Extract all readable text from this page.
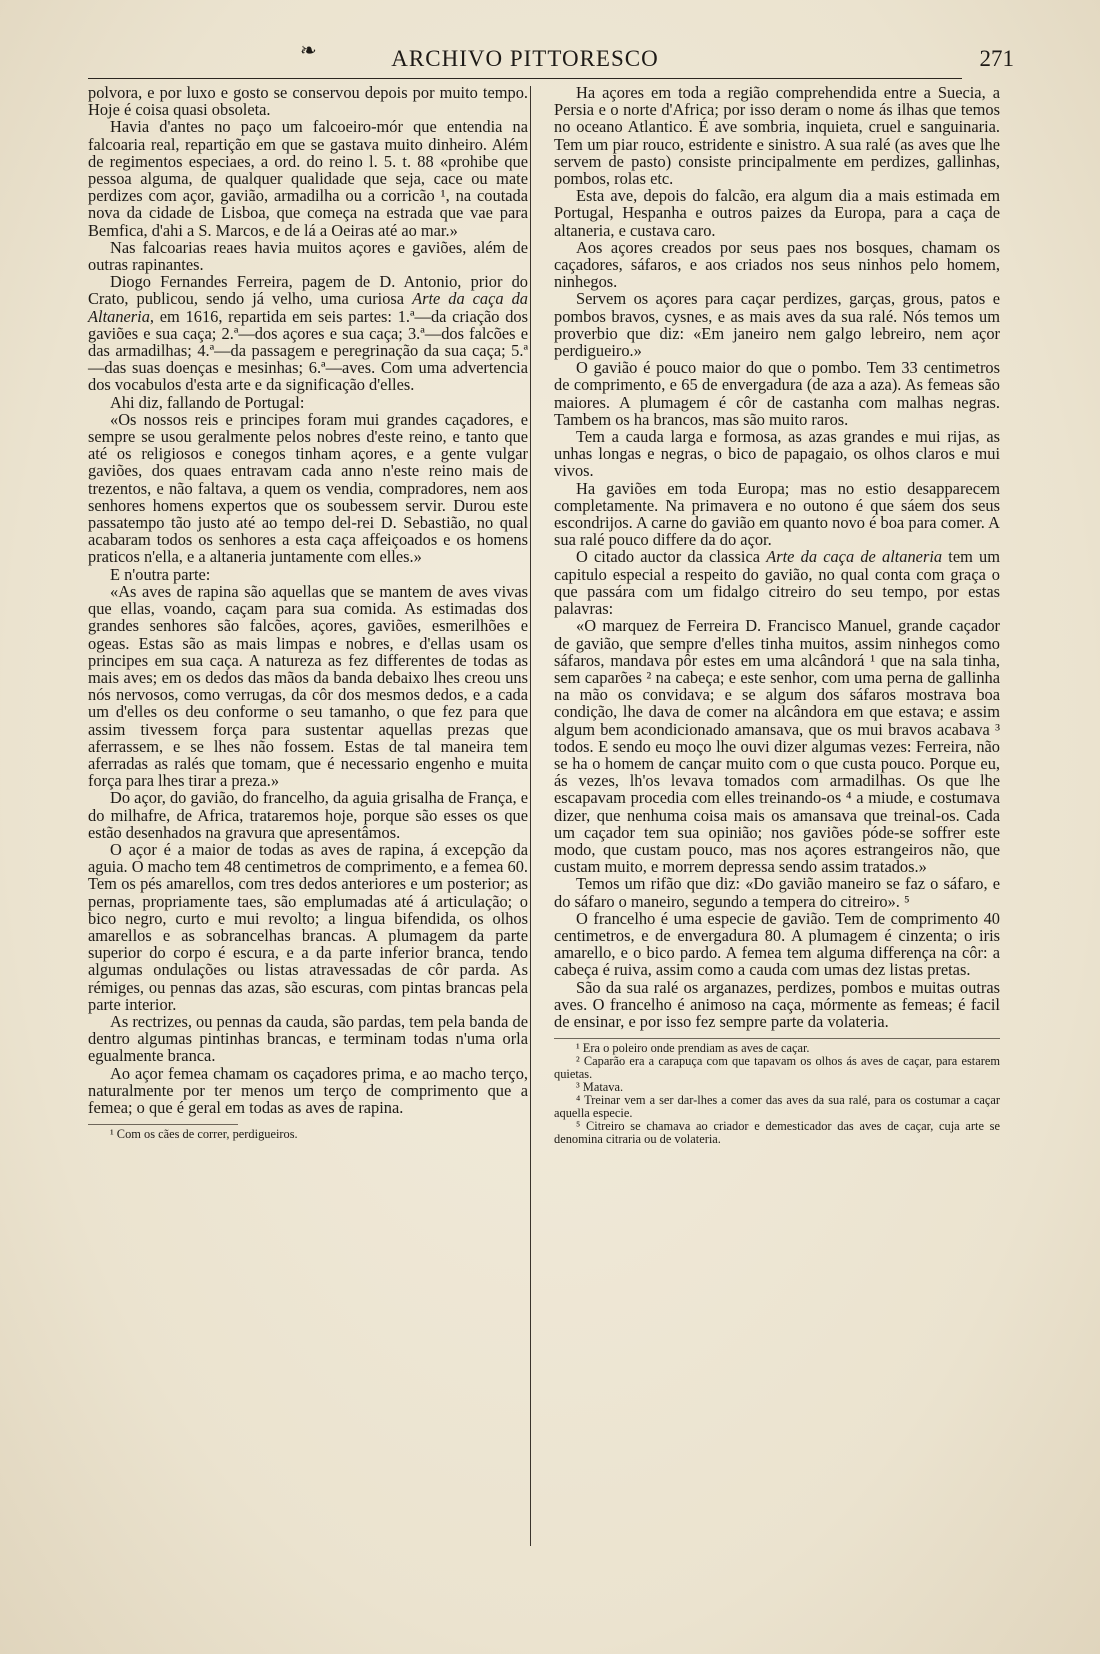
❧	ARCHIVO PITTORESCO	271

polvora, e por luxo e gosto se conservou depois por muito tempo. Hoje é coisa quasi obsoleta.

Havia d'antes no paço um falcoeiro-mór que entendia na falcoaria real, repartição em que se gastava muito dinheiro. Além de regimentos especiaes, a ord. do reino l. 5. t. 88 «prohibe que pessoa alguma, de qualquer qualidade que seja, cace ou mate perdizes com açor, gavião, armadilha ou a corricão ¹, na coutada nova da cidade de Lisboa, que começa na estrada que vae para Bemfica, d'ahi a S. Marcos, e de lá a Oeiras até ao mar.»

Nas falcoarias reaes havia muitos açores e gaviões, além de outras rapinantes.

Diogo Fernandes Ferreira, pagem de D. Antonio, prior do Crato, publicou, sendo já velho, uma curiosa Arte da caça da Altaneria, em 1616, repartida em seis partes: 1.ª—da criação dos gaviões e sua caça; 2.ª—dos açores e sua caça; 3.ª—dos falcões e das armadilhas; 4.ª—da passagem e peregrinação da sua caça; 5.ª—das suas doenças e mesinhas; 6.ª—aves. Com uma advertencia dos vocabulos d'esta arte e da significação d'elles.

Ahi diz, fallando de Portugal:

«Os nossos reis e principes foram mui grandes caçadores, e sempre se usou geralmente pelos nobres d'este reino, e tanto que até os religiosos e conegos tinham açores, e a gente vulgar gaviões, dos quaes entravam cada anno n'este reino mais de trezentos, e não faltava, a quem os vendia, compradores, nem aos senhores homens expertos que os soubessem servir. Durou este passatempo tão justo até ao tempo del-rei D. Sebastião, no qual acabaram todos os senhores a esta caça affeiçoados e os homens praticos n'ella, e a altaneria juntamente com elles.»

E n'outra parte:

«As aves de rapina são aquellas que se mantem de aves vivas que ellas, voando, caçam para sua comida. As estimadas dos grandes senhores são falcões, açores, gaviões, esmerilhões e ogeas. Estas são as mais limpas e nobres, e d'ellas usam os principes em sua caça. A natureza as fez differentes de todas as mais aves; em os dedos das mãos da banda debaixo lhes creou uns nós nervosos, como verrugas, da côr dos mesmos dedos, e a cada um d'elles os deu conforme o seu tamanho, o que fez para que assim tivessem força para sustentar aquellas prezas que aferrassem, e se lhes não fossem. Estas de tal maneira tem aferradas as ralés que tomam, que é necessario engenho e muita força para lhes tirar a preza.»

Do açor, do gavião, do francelho, da aguia grisalha de França, e do milhafre, de Africa, trataremos hoje, porque são esses os que estão desenhados na gravura que apresentâmos.

O açor é a maior de todas as aves de rapina, á excepção da aguia. O macho tem 48 centimetros de comprimento, e a femea 60. Tem os pés amarellos, com tres dedos anteriores e um posterior; as pernas, propriamente taes, são emplumadas até á articulação; o bico negro, curto e mui revolto; a lingua bifendida, os olhos amarellos e as sobrancelhas brancas. A plumagem da parte superior do corpo é escura, e a da parte inferior branca, tendo algumas ondulações ou listas atravessadas de côr parda. As rémiges, ou pennas das azas, são escuras, com pintas brancas pela parte interior.

As rectrizes, ou pennas da cauda, são pardas, tem pela banda de dentro algumas pintinhas brancas, e terminam todas n'uma orla egualmente branca.

Ao açor femea chamam os caçadores prima, e ao macho terço, naturalmente por ter menos um terço de comprimento que a femea; o que é geral em todas as aves de rapina.

¹ Com os cães de correr, perdigueiros.

Ha açores em toda a região comprehendida entre a Suecia, a Persia e o norte d'Africa; por isso deram o nome ás ilhas que temos no oceano Atlantico. É ave sombria, inquieta, cruel e sanguinaria. Tem um piar rouco, estridente e sinistro. A sua ralé (as aves que lhe servem de pasto) consiste principalmente em perdizes, gallinhas, pombos, rolas etc.

Esta ave, depois do falcão, era algum dia a mais estimada em Portugal, Hespanha e outros paizes da Europa, para a caça de altaneria, e custava caro.

Aos açores creados por seus paes nos bosques, chamam os caçadores, sáfaros, e aos criados nos seus ninhos pelo homem, ninhegos.

Servem os açores para caçar perdizes, garças, grous, patos e pombos bravos, cysnes, e as mais aves da sua ralé. Nós temos um proverbio que diz: «Em janeiro nem galgo lebreiro, nem açor perdigueiro.»

O gavião é pouco maior do que o pombo. Tem 33 centimetros de comprimento, e 65 de envergadura (de aza a aza). As femeas são maiores. A plumagem é côr de castanha com malhas negras. Tambem os ha brancos, mas são muito raros.

Tem a cauda larga e formosa, as azas grandes e mui rijas, as unhas longas e negras, o bico de papagaio, os olhos claros e mui vivos.

Ha gaviões em toda Europa; mas no estio desapparecem completamente. Na primavera e no outono é que sáem dos seus escondrijos. A carne do gavião em quanto novo é boa para comer. A sua ralé pouco differe da do açor.

O citado auctor da classica Arte da caça de altaneria tem um capitulo especial a respeito do gavião, no qual conta com graça o que passára com um fidalgo citreiro do seu tempo, por estas palavras:

«O marquez de Ferreira D. Francisco Manuel, grande caçador de gavião, que sempre d'elles tinha muitos, assim ninhegos como sáfaros, mandava pôr estes em uma alcândorá ¹ que na sala tinha, sem caparões ² na cabeça; e este senhor, com uma perna de gallinha na mão os convidava; e se algum dos sáfaros mostrava boa condição, lhe dava de comer na alcândora em que estava; e assim algum bem acondicionado amansava, que os mui bravos acabava ³ todos. E sendo eu moço lhe ouvi dizer algumas vezes: Ferreira, não se ha o homem de cançar muito com o que custa pouco. Porque eu, ás vezes, lh'os levava tomados com armadilhas. Os que lhe escapavam procedia com elles treinando-os ⁴ a miude, e costumava dizer, que nenhuma coisa mais os amansava que treinal-os. Cada um caçador tem sua opinião; nos gaviões póde-se soffrer este modo, que custam pouco, mas nos açores estrangeiros não, que custam muito, e morrem depressa sendo assim tratados.»

Temos um rifão que diz: «Do gavião maneiro se faz o sáfaro, e do sáfaro o maneiro, segundo a tempera do citreiro». ⁵

O francelho é uma especie de gavião. Tem de comprimento 40 centimetros, e de envergadura 80. A plumagem é cinzenta; o iris amarello, e o bico pardo. A femea tem alguma differença na côr: a cabeça é ruiva, assim como a cauda com umas dez listas pretas.

São da sua ralé os arganazes, perdizes, pombos e muitas outras aves. O francelho é animoso na caça, mórmente as femeas; é facil de ensinar, e por isso fez sempre parte da volateria.

¹ Era o poleiro onde prendiam as aves de caçar.

² Caparão era a carapuça com que tapavam os olhos ás aves de caçar, para estarem quietas.

³ Matava.

⁴ Treinar vem a ser dar-lhes a comer das aves da sua ralé, para os costumar a caçar aquella especie.

⁵ Citreiro se chamava ao criador e demesticador das aves de caçar, cuja arte se denomina citraria ou de volateria.
